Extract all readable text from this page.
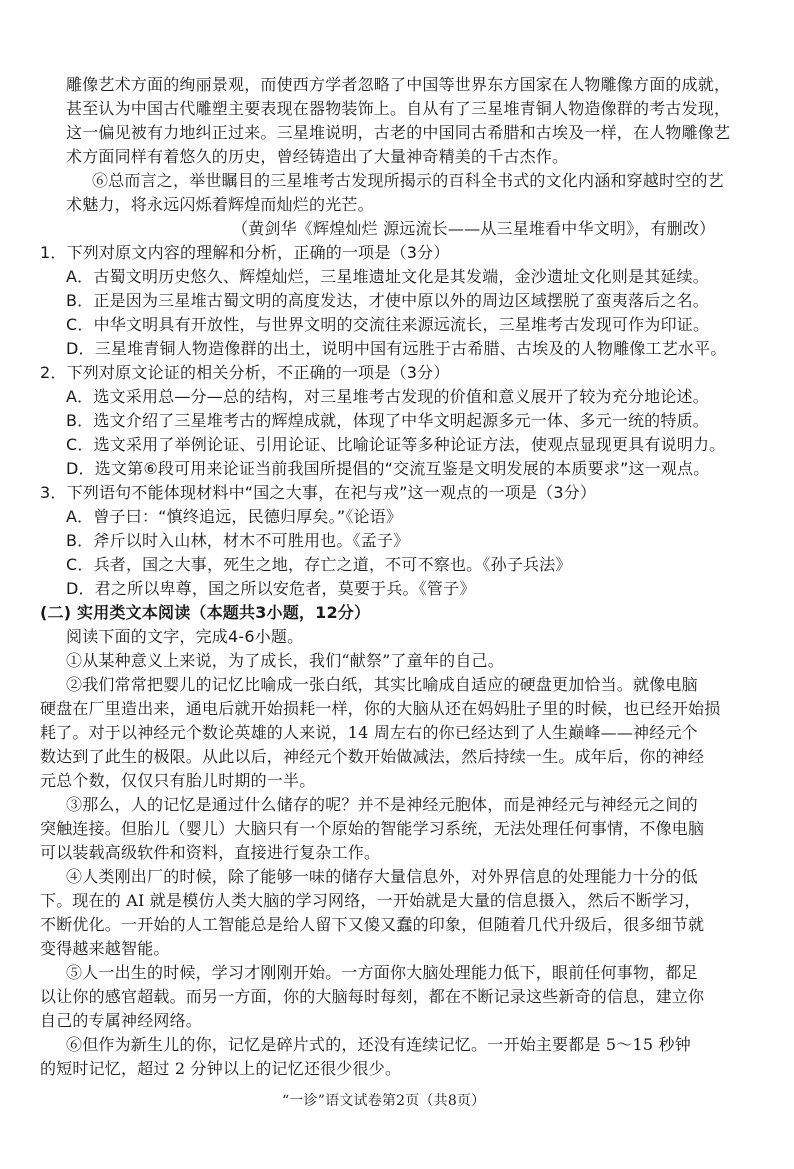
雕像艺术方面的绚丽景观，而使西方学者忽略了中国等世界东方国家在人物雕像方面的成就，
甚至认为中国古代雕塑主要表现在器物装饰上。自从有了三星堆青铜人物造像群的考古发现，
这一偏见被有力地纠正过来。三星堆说明，古老的中国同古希腊和古埃及一样，在人物雕像艺
术方面同样有着悠久的历史，曾经铸造出了大量神奇精美的千古杰作。
⑥总而言之，举世瞩目的三星堆考古发现所揭示的百科全书式的文化内涵和穿越时空的艺
术魅力，将永远闪烁着辉煌而灿烂的光芒。
（黄剑华《辉煌灿烂 源远流长——从三星堆看中华文明》，有删改）
1．下列对原文内容的理解和分析，正确的一项是（3分）
A．古蜀文明历史悠久、辉煌灿烂，三星堆遗址文化是其发端，金沙遗址文化则是其延续。
B．正是因为三星堆古蜀文明的高度发达，才使中原以外的周边区域摆脱了蛮夷落后之名。
C．中华文明具有开放性，与世界文明的交流往来源远流长，三星堆考古发现可作为印证。
D．三星堆青铜人物造像群的出土，说明中国有远胜于古希腊、古埃及的人物雕像工艺水平。
2．下列对原文论证的相关分析，不正确的一项是（3分）
A．选文采用总—分—总的结构，对三星堆考古发现的价值和意义展开了较为充分地论述。
B．选文介绍了三星堆考古的辉煌成就，体现了中华文明起源多元一体、多元一统的特质。
C．选文采用了举例论证、引用论证、比喻论证等多种论证方法，使观点显现更具有说明力。
D．选文第⑥段可用来论证当前我国所提倡的“交流互鉴是文明发展的本质要求”这一观点。
3．下列语句不能体现材料中“国之大事，在祀与戎”这一观点的一项是（3分）
A．曾子曰：“慎终追远，民德归厚矣。”《论语》
B．斧斤以时入山林，材木不可胜用也。《孟子》
C．兵者，国之大事，死生之地，存亡之道，不可不察也。《孙子兵法》
D．君之所以卑尊，国之所以安危者，莫要于兵。《管子》
(二) 实用类文本阅读（本题共3小题，12分）
阅读下面的文字，完成4-6小题。
①从某种意义上来说，为了成长，我们“献祭”了童年的自己。
②我们常常把婴儿的记忆比喻成一张白纸，其实比喻成自适应的硬盘更加恰当。就像电脑
硬盘在厂里造出来，通电后就开始损耗一样，你的大脑从还在妈妈肚子里的时候，也已经开始损
耗了。对于以神经元个数论英雄的人来说，14 周左右的你已经达到了人生巅峰——神经元个
数达到了此生的极限。从此以后，神经元个数开始做减法，然后持续一生。成年后，你的神经
元总个数，仅仅只有胎儿时期的一半。
③那么，人的记忆是通过什么储存的呢？并不是神经元胞体，而是神经元与神经元之间的
突触连接。但胎儿（婴儿）大脑只有一个原始的智能学习系统，无法处理任何事情，不像电脑
可以装载高级软件和资料，直接进行复杂工作。
④人类刚出厂的时候，除了能够一味的储存大量信息外，对外界信息的处理能力十分的低
下。现在的 AI 就是模仿人类大脑的学习网络，一开始就是大量的信息摄入，然后不断学习，
不断优化。一开始的人工智能总是给人留下又傻又蠢的印象，但随着几代升级后，很多细节就
变得越来越智能。
⑤人一出生的时候，学习才刚刚开始。一方面你大脑处理能力低下，眼前任何事物，都足
以让你的感官超载。而另一方面，你的大脑每时每刻，都在不断记录这些新奇的信息，建立你
自己的专属神经网络。
⑥但作为新生儿的你，记忆是碎片式的，还没有连续记忆。一开始主要都是 5～15 秒钟
的短时记忆，超过 2 分钟以上的记忆还很少很少。
“一诊”语文试卷第2页（共8页）
